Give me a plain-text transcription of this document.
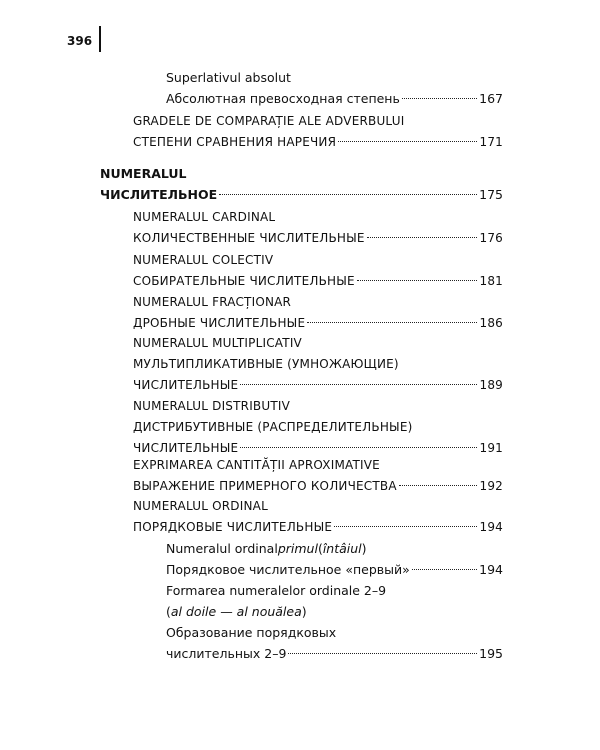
396
Superlativul absolut
Абсолютная превосходная степень	167
GRADELE DE COMPARAȚIE ALE ADVERBULUI
СТЕПЕНИ СРАВНЕНИЯ НАРЕЧИЯ	171
NUMERALUL
ЧИСЛИТЕЛЬНОЕ	175
NUMERALUL CARDINAL
КОЛИЧЕСТВЕННЫЕ ЧИСЛИТЕЛЬНЫЕ	176
NUMERALUL COLECTIV
СОБИРАТЕЛЬНЫЕ ЧИСЛИТЕЛЬНЫЕ	181
NUMERALUL FRACȚIONAR
ДРОБНЫЕ ЧИСЛИТЕЛЬНЫЕ	186
NUMERALUL MULTIPLICATIV
МУЛЬТИПЛИКАТИВНЫЕ (УМНОЖАЮЩИЕ)
ЧИСЛИТЕЛЬНЫЕ	189
NUMERALUL DISTRIBUTIV
ДИСТРИБУТИВНЫЕ (РАСПРЕДЕЛИТЕЛЬНЫЕ)
ЧИСЛИТЕЛЬНЫЕ	191
EXPRIMAREA CANTITĂȚII APROXIMATIVE
ВЫРАЖЕНИЕ ПРИМЕРНОГО КОЛИЧЕСТВА	192
NUMERALUL ORDINAL
ПОРЯДКОВЫЕ ЧИСЛИТЕЛЬНЫЕ	194
Numeralul ordinal primul ( întâiul )
Порядковое числительное «первый»	194
Formarea numeralelor ordinale 2–9
( al doile — al nouălea )
Образование порядковых
числительных 2–9	195
